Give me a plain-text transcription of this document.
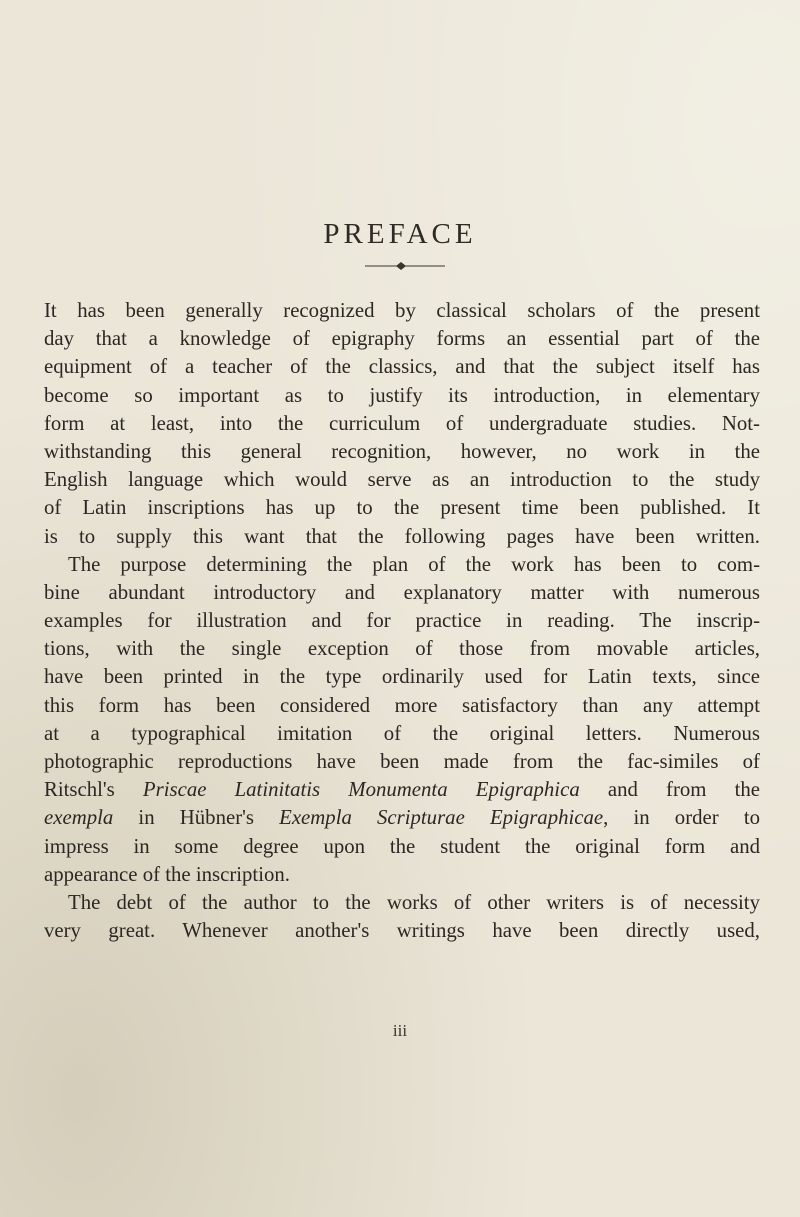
PREFACE
It has been generally recognized by classical scholars of the present
day that a knowledge of epigraphy forms an essential part of the
equipment of a teacher of the classics, and that the subject itself has
become so important as to justify its introduction, in elementary
form at least, into the curriculum of undergraduate studies. Not-
withstanding this general recognition, however, no work in the
English language which would serve as an introduction to the study
of Latin inscriptions has up to the present time been published. It
is to supply this want that the following pages have been written.
The purpose determining the plan of the work has been to com-
bine abundant introductory and explanatory matter with numerous
examples for illustration and for practice in reading. The inscrip-
tions, with the single exception of those from movable articles,
have been printed in the type ordinarily used for Latin texts, since
this form has been considered more satisfactory than any attempt
at a typographical imitation of the original letters. Numerous
photographic reproductions have been made from the fac-similes of
Ritschl's Priscae Latinitatis Monumenta Epigraphica and from the
exempla in Hübner's Exempla Scripturae Epigraphicae, in order to
impress in some degree upon the student the original form and
appearance of the inscription.
The debt of the author to the works of other writers is of necessity
very great. Whenever another's writings have been directly used,
iii
